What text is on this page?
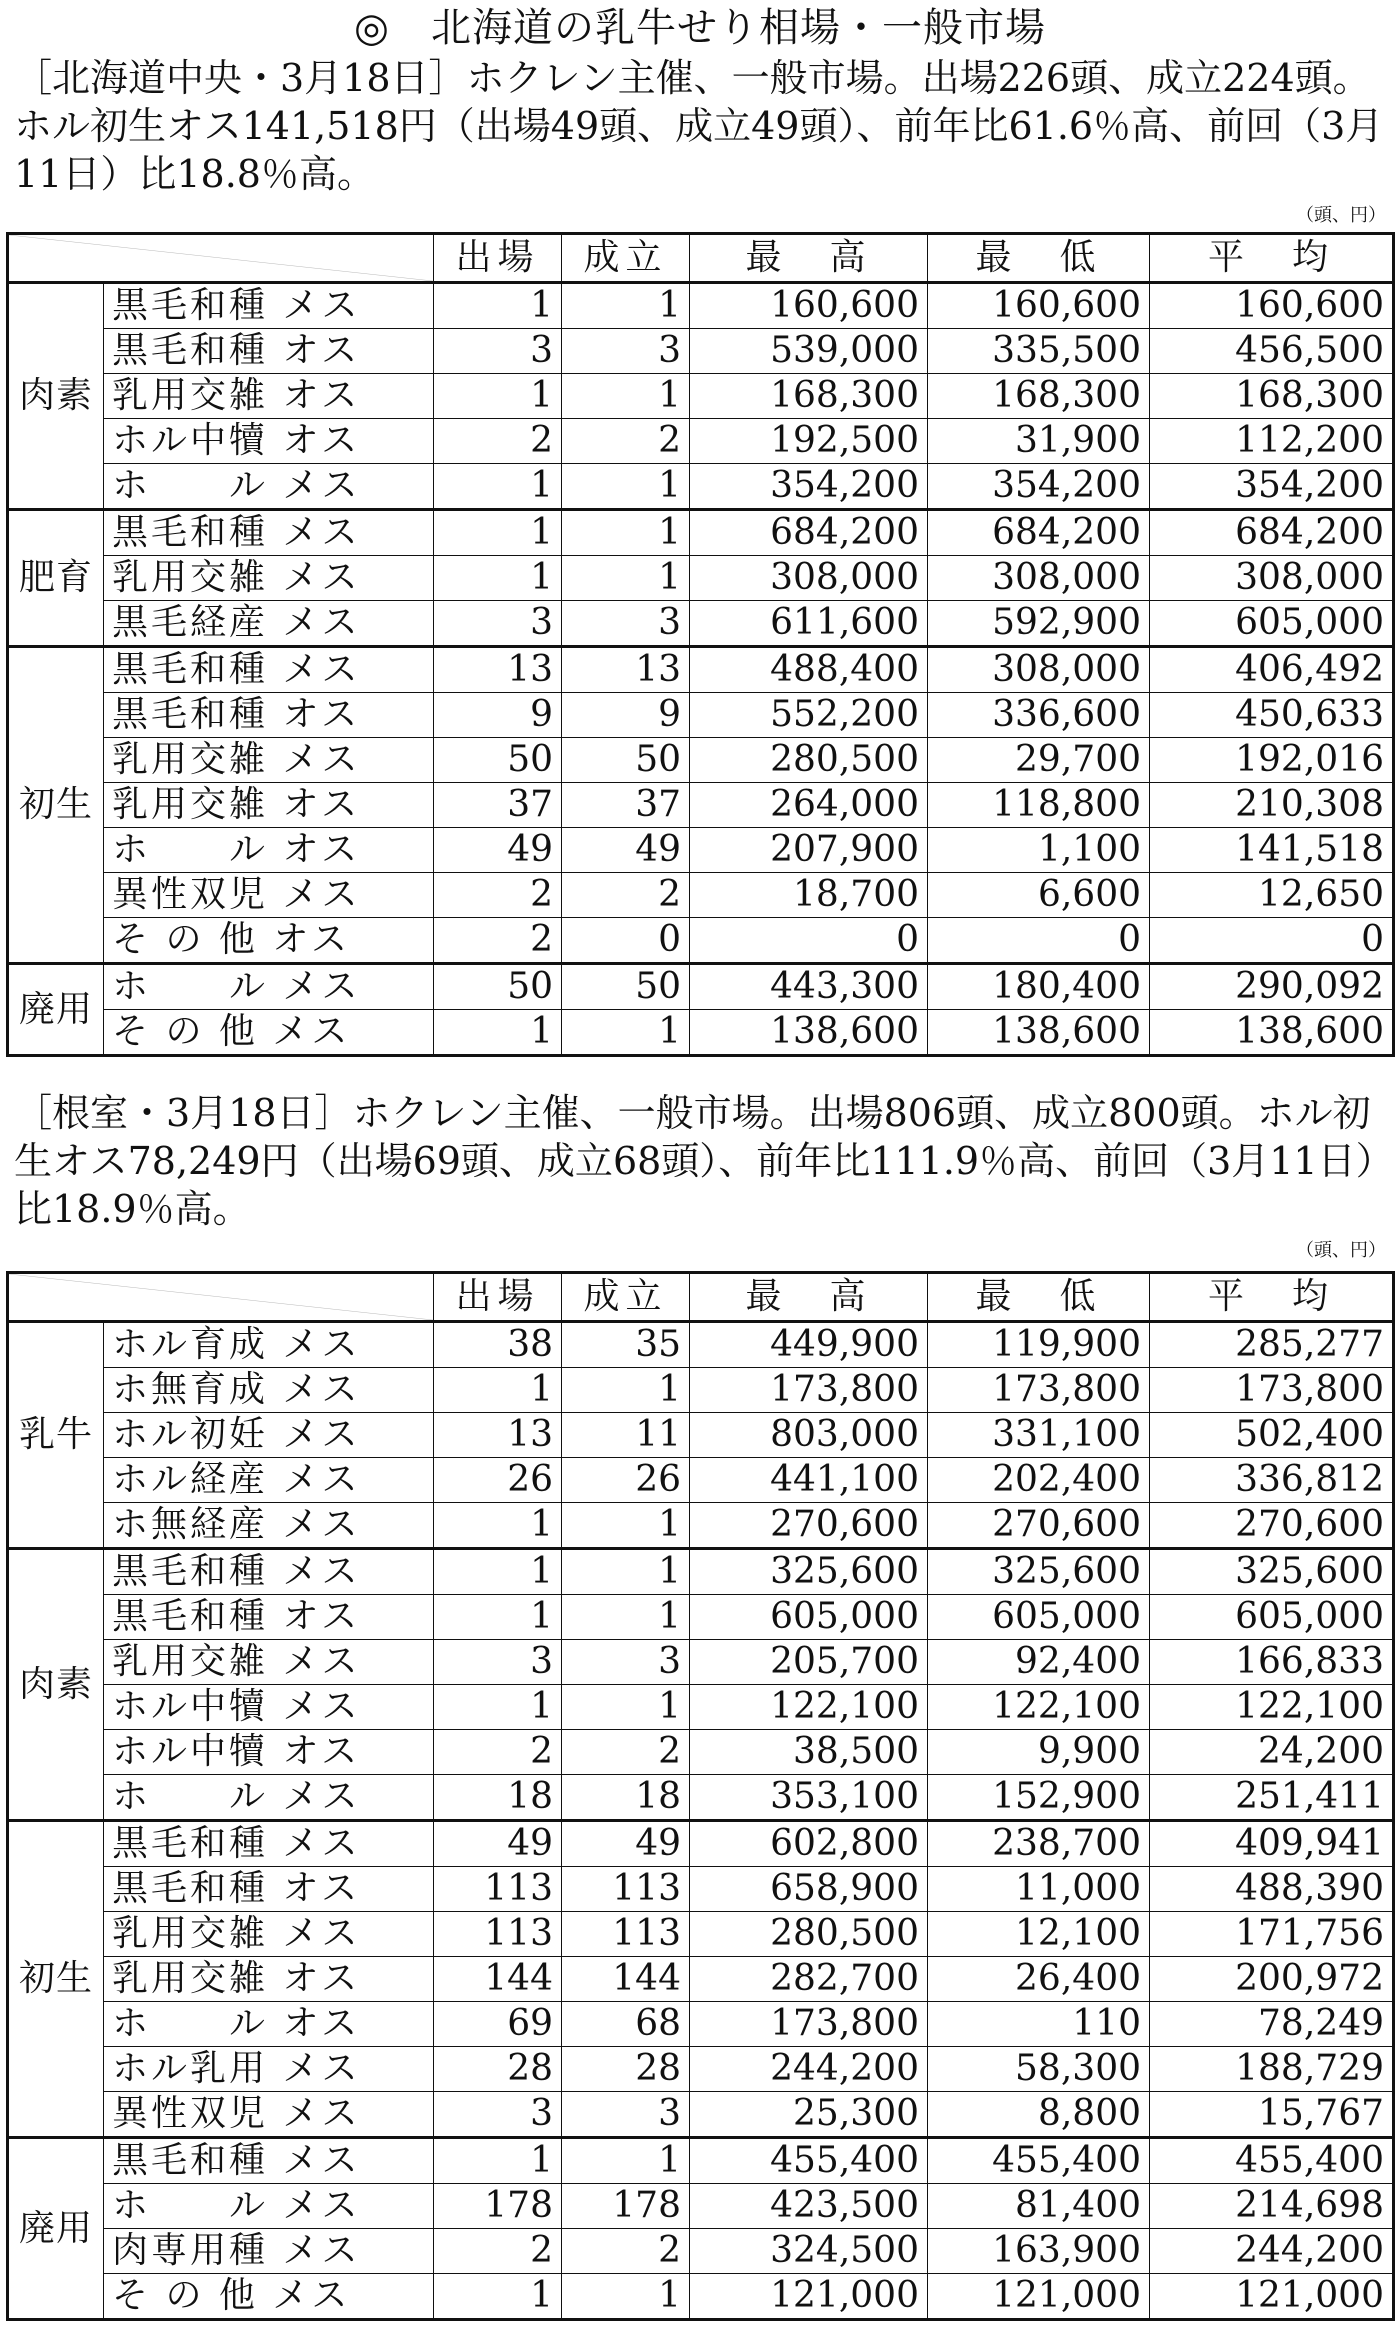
◎　北海道の乳牛せり相場・一般市場
［北海道中央・3月18日］ホクレン主催、一般市場。出場226頭、成立224頭。ホル初生オス141,518円（出場49頭、成立49頭）、前年比61.6％高、前回（3月11日）比18.8％高。
（頭、円）
	出場	成立	最　高	最　低	平　均
肉素	黒毛和種 メス	1	1	160,600	160,600	160,600
	黒毛和種 オス	3	3	539,000	335,500	456,500
	乳用交雑 オス	1	1	168,300	168,300	168,300
	ホル中犢 オス	2	2	192,500	31,900	112,200
	ホ　　ル メス	1	1	354,200	354,200	354,200
肥育	黒毛和種 メス	1	1	684,200	684,200	684,200
	乳用交雑 メス	1	1	308,000	308,000	308,000
	黒毛経産 メス	3	3	611,600	592,900	605,000
初生	黒毛和種 メス	13	13	488,400	308,000	406,492
	黒毛和種 オス	9	9	552,200	336,600	450,633
	乳用交雑 メス	50	50	280,500	29,700	192,016
	乳用交雑 オス	37	37	264,000	118,800	210,308
	ホ　　ル オス	49	49	207,900	1,100	141,518
	異性双児 メス	2	2	18,700	6,600	12,650
	そ の 他 オス	2	0	0	0	0
廃用	ホ　　ル メス	50	50	443,300	180,400	290,092
	そ の 他 メス	1	1	138,600	138,600	138,600
［根室・3月18日］ホクレン主催、一般市場。出場806頭、成立800頭。ホル初生オス78,249円（出場69頭、成立68頭）、前年比111.9％高、前回（3月11日）比18.9％高。
（頭、円）
	出場	成立	最　高	最　低	平　均
乳牛	ホル育成 メス	38	35	449,900	119,900	285,277
	ホ無育成 メス	1	1	173,800	173,800	173,800
	ホル初妊 メス	13	11	803,000	331,100	502,400
	ホル経産 メス	26	26	441,100	202,400	336,812
	ホ無経産 メス	1	1	270,600	270,600	270,600
肉素	黒毛和種 メス	1	1	325,600	325,600	325,600
	黒毛和種 オス	1	1	605,000	605,000	605,000
	乳用交雑 メス	3	3	205,700	92,400	166,833
	ホル中犢 メス	1	1	122,100	122,100	122,100
	ホル中犢 オス	2	2	38,500	9,900	24,200
	ホ　　ル メス	18	18	353,100	152,900	251,411
初生	黒毛和種 メス	49	49	602,800	238,700	409,941
	黒毛和種 オス	113	113	658,900	11,000	488,390
	乳用交雑 メス	113	113	280,500	12,100	171,756
	乳用交雑 オス	144	144	282,700	26,400	200,972
	ホ　　ル オス	69	68	173,800	110	78,249
	ホル乳用 メス	28	28	244,200	58,300	188,729
	異性双児 メス	3	3	25,300	8,800	15,767
廃用	黒毛和種 メス	1	1	455,400	455,400	455,400
	ホ　　ル メス	178	178	423,500	81,400	214,698
	肉専用種 メス	2	2	324,500	163,900	244,200
	そ の 他 メス	1	1	121,000	121,000	121,000
